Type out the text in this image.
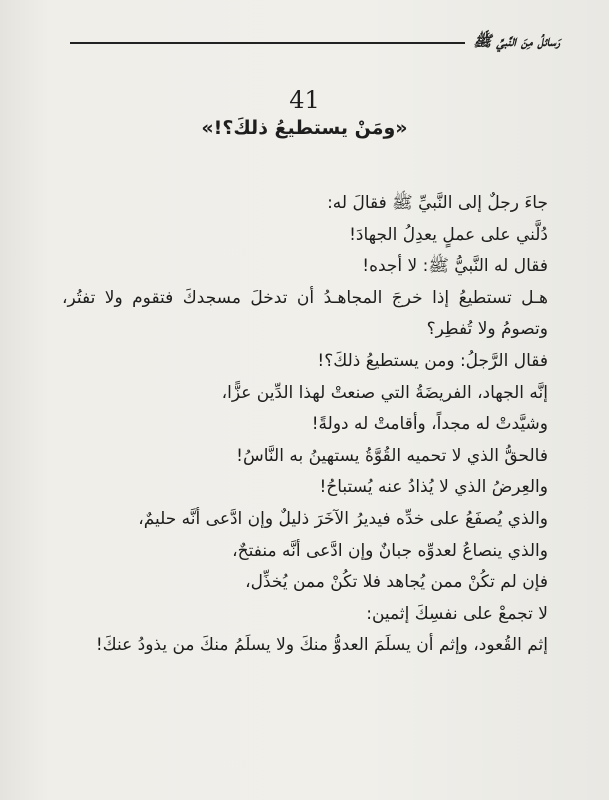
رَسائلُ مِنَ النَّبيِّ ﷺ
41
«ومَنْ يستطيعُ ذلكَ؟!»

جاءَ رجلٌ إلى النَّبيِّ ﷺ فقالَ له:

دُلَّني على عملٍ يعدِلُ الجهادَ!

فقال له النَّبيُّ ﷺ: لا أجده!

هـل تستطيعُ إذا خرجَ المجاهـدُ أن تدخلَ مسجدكَ فتقوم ولا تفتُر، وتصومُ ولا تُفطِر؟

فقال الرَّجلُ: ومن يستطيعُ ذلكَ؟!

إنَّه الجهاد، الفريضَةُ التي صنعتْ لهذا الدِّين عزًّا،

وشيَّدتْ له مجداً، وأقامتْ له دولةً!

فالحقُّ الذي لا تحميه القُوَّةُ يستهينُ به النَّاسُ!

والعِرضُ الذي لا يُذادُ عنه يُستباحُ!

والذي يُصفَعُ على خدِّه فيديرُ الآخَرَ ذليلٌ وإن ادَّعى أنَّه حليمٌ،

والذي ينصاعُ لعدوِّه جبانٌ وإن ادَّعى أنَّه منفتحٌ،

فإن لم تكُنْ ممن يُجاهد فلا تكُنْ ممن يُخذِّل،

لا تجمعْ على نفسِكَ إثمين:

إثم القُعود، وإثم أن يسلَمَ العدوُّ منكَ ولا يسلَمُ منكَ من يذودُ عنكَ!
